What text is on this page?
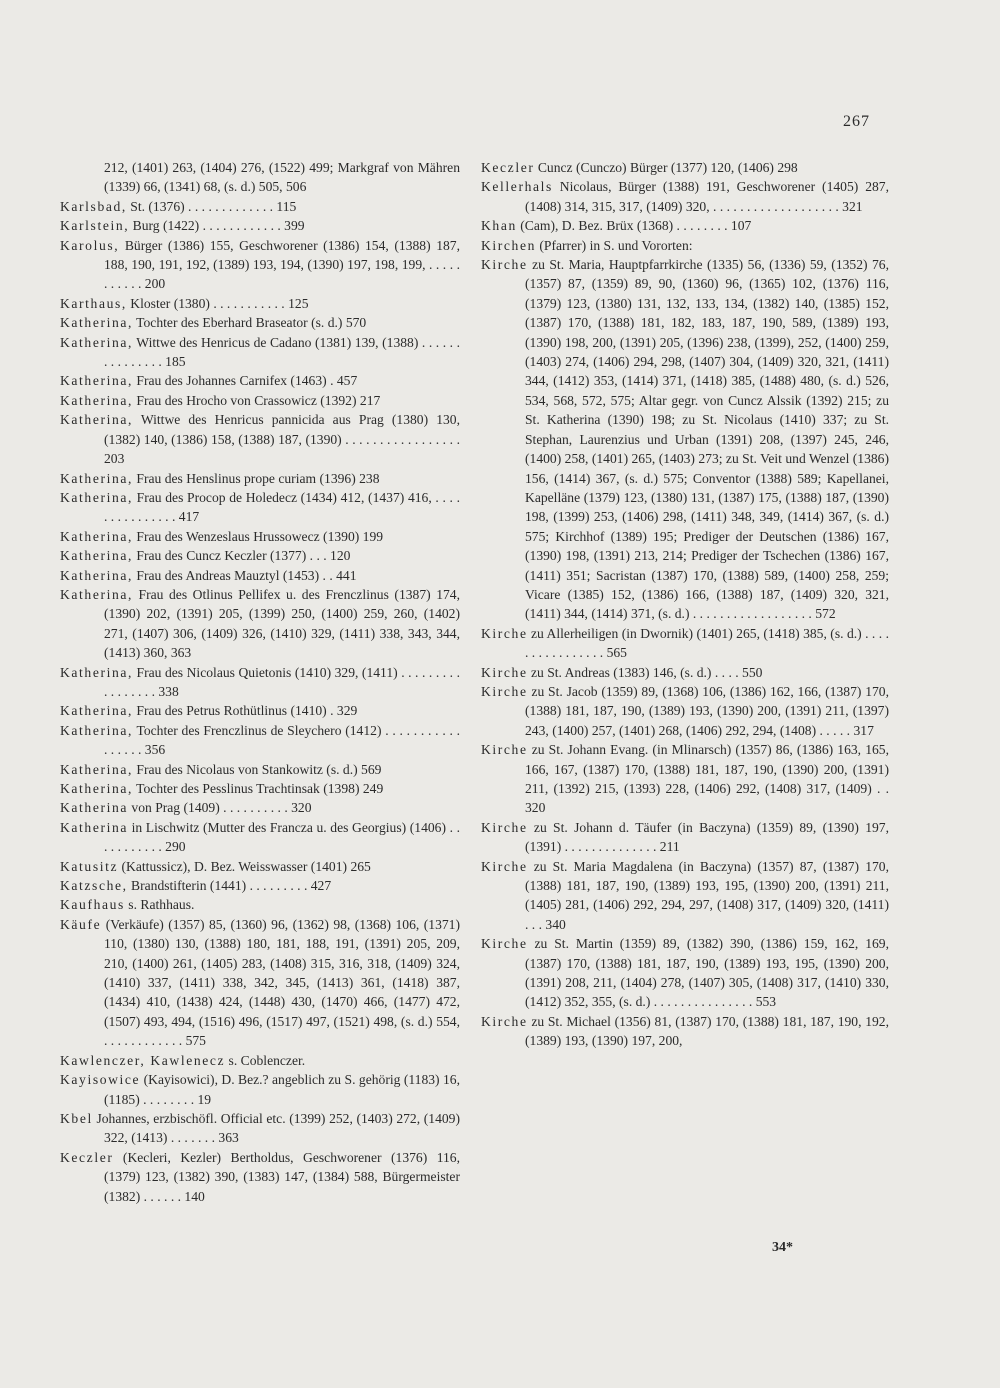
267
212, (1401) 263, (1404) 276, (1522) 499; Markgraf von Mähren (1339) 66, (1341) 68, (s. d.) 505, 506
Karlsbad, St. (1376) . . . . . . . . . . . . . 115
Karlstein, Burg (1422) . . . . . . . . . . . . 399
Karolus, Bürger (1386) 155, Geschworener (1386) 154, (1388) 187, 188, 190, 191, 192, (1389) 193, 194, (1390) 197, 198, 199, . . . . . . . . . . . 200
Karthaus, Kloster (1380) . . . . . . . . . . . 125
Katherina, Tochter des Eberhard Braseator (s. d.) 570
Katherina, Wittwe des Henricus de Cadano (1381) 139, (1388) . . . . . . . . . . . . . . . 185
Katherina, Frau des Johannes Carnifex (1463) . 457
Katherina, Frau des Hrocho von Crassowicz (1392) 217
Katherina, Wittwe des Henricus pannicida aus Prag (1380) 130, (1382) 140, (1386) 158, (1388) 187, (1390) . . . . . . . . . . . . . . . . . 203
Katherina, Frau des Henslinus prope curiam (1396) 238
Katherina, Frau des Procop de Holedecz (1434) 412, (1437) 416, . . . . . . . . . . . . . . . 417
Katherina, Frau des Wenzeslaus Hrussowecz (1390) 199
Katherina, Frau des Cuncz Keczler (1377) . . . 120
Katherina, Frau des Andreas Mauztyl (1453) . . 441
Katherina, Frau des Otlinus Pellifex u. des Frenczlinus (1387) 174, (1390) 202, (1391) 205, (1399) 250, (1400) 259, 260, (1402) 271, (1407) 306, (1409) 326, (1410) 329, (1411) 338, 343, 344, (1413) 360, 363
Katherina, Frau des Nicolaus Quietonis (1410) 329, (1411) . . . . . . . . . . . . . . . . . 338
Katherina, Frau des Petrus Rothütlinus (1410) . 329
Katherina, Tochter des Frenczlinus de Sleychero (1412) . . . . . . . . . . . . . . . . . 356
Katherina, Frau des Nicolaus von Stankowitz (s. d.) 569
Katherina, Tochter des Pesslinus Trachtinsak (1398) 249
Katherina von Prag (1409) . . . . . . . . . . 320
Katherina in Lischwitz (Mutter des Francza u. des Georgius) (1406) . . . . . . . . . . . 290
Katusitz (Kattussicz), D. Bez. Weisswasser (1401) 265
Katzsche, Brandstifterin (1441) . . . . . . . . . 427
Kaufhaus s. Rathhaus.
Käufe (Verkäufe) (1357) 85, (1360) 96, (1362) 98, (1368) 106, (1371) 110, (1380) 130, (1388) 180, 181, 188, 191, (1391) 205, 209, 210, (1400) 261, (1405) 283, (1408) 315, 316, 318, (1409) 324, (1410) 337, (1411) 338, 342, 345, (1413) 361, (1418) 387, (1434) 410, (1438) 424, (1448) 430, (1470) 466, (1477) 472, (1507) 493, 494, (1516) 496, (1517) 497, (1521) 498, (s. d.) 554, . . . . . . . . . . . . 575
Kawlenczer, Kawlenecz s. Coblenczer.
Kayisowice (Kayisowici), D. Bez.? angeblich zu S. gehörig (1183) 16, (1185) . . . . . . . . 19
Kbel Johannes, erzbischöfl. Official etc. (1399) 252, (1403) 272, (1409) 322, (1413) . . . . . . . 363
Keczler (Kecleri, Kezler) Bertholdus, Geschworener (1376) 116, (1379) 123, (1382) 390, (1383) 147, (1384) 588, Bürgermeister (1382) . . . . . . 140
Keczler Cuncz (Cunczo) Bürger (1377) 120, (1406) 298
Kellerhals Nicolaus, Bürger (1388) 191, Geschworener (1405) 287, (1408) 314, 315, 317, (1409) 320, . . . . . . . . . . . . . . . . . . . 321
Khan (Cam), D. Bez. Brüx (1368) . . . . . . . . 107
Kirchen (Pfarrer) in S. und Vororten:
Kirche zu St. Maria, Hauptpfarrkirche (1335) 56, (1336) 59, (1352) 76, (1357) 87, (1359) 89, 90, (1360) 96, (1365) 102, (1376) 116, (1379) 123, (1380) 131, 132, 133, 134, (1382) 140, (1385) 152, (1387) 170, (1388) 181, 182, 183, 187, 190, 589, (1389) 193, (1390) 198, 200, (1391) 205, (1396) 238, (1399), 252, (1400) 259, (1403) 274, (1406) 294, 298, (1407) 304, (1409) 320, 321, (1411) 344, (1412) 353, (1414) 371, (1418) 385, (1488) 480, (s. d.) 526, 534, 568, 572, 575; Altar gegr. von Cuncz Alssik (1392) 215; zu St. Katherina (1390) 198; zu St. Nicolaus (1410) 337; zu St. Stephan, Laurenzius und Urban (1391) 208, (1397) 245, 246, (1400) 258, (1401) 265, (1403) 273; zu St. Veit und Wenzel (1386) 156, (1414) 367, (s. d.) 575; Conventor (1388) 589; Kapellanei, Kapelläne (1379) 123, (1380) 131, (1387) 175, (1388) 187, (1390) 198, (1399) 253, (1406) 298, (1411) 348, 349, (1414) 367, (s. d.) 575; Kirchhof (1389) 195; Prediger der Deutschen (1386) 167, (1390) 198, (1391) 213, 214; Prediger der Tschechen (1386) 167, (1411) 351; Sacristan (1387) 170, (1388) 589, (1400) 258, 259; Vicare (1385) 152, (1386) 166, (1388) 187, (1409) 320, 321, (1411) 344, (1414) 371, (s. d.) . . . . . . . . . . . . . . . . . . 572
Kirche zu Allerheiligen (in Dwornik) (1401) 265, (1418) 385, (s. d.) . . . . . . . . . . . . . . . . 565
Kirche zu St. Andreas (1383) 146, (s. d.) . . . . 550
Kirche zu St. Jacob (1359) 89, (1368) 106, (1386) 162, 166, (1387) 170, (1388) 181, 187, 190, (1389) 193, (1390) 200, (1391) 211, (1397) 243, (1400) 257, (1401) 268, (1406) 292, 294, (1408) . . . . . 317
Kirche zu St. Johann Evang. (in Mlinarsch) (1357) 86, (1386) 163, 165, 166, 167, (1387) 170, (1388) 181, 187, 190, (1390) 200, (1391) 211, (1392) 215, (1393) 228, (1406) 292, (1408) 317, (1409) . . 320
Kirche zu St. Johann d. Täufer (in Baczyna) (1359) 89, (1390) 197, (1391) . . . . . . . . . . . . . . 211
Kirche zu St. Maria Magdalena (in Baczyna) (1357) 87, (1387) 170, (1388) 181, 187, 190, (1389) 193, 195, (1390) 200, (1391) 211, (1405) 281, (1406) 292, 294, 297, (1408) 317, (1409) 320, (1411) . . . 340
Kirche zu St. Martin (1359) 89, (1382) 390, (1386) 159, 162, 169, (1387) 170, (1388) 181, 187, 190, (1389) 193, 195, (1390) 200, (1391) 208, 211, (1404) 278, (1407) 305, (1408) 317, (1410) 330, (1412) 352, 355, (s. d.) . . . . . . . . . . . . . . . 553
Kirche zu St. Michael (1356) 81, (1387) 170, (1388) 181, 187, 190, 192, (1389) 193, (1390) 197, 200,
34*
